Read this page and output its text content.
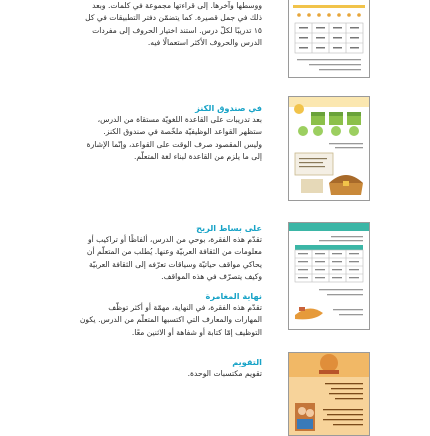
ووسطها وآخرها. إلى قراءتها مجموعة في كلمات. وبعد

ذلك في جمل قصيرة. كما يتضمّن دفتر التطبيقات في كل

١٥ تدريبًا لكلّ درس. استند اختيار الحروف إلى مفردات

الدرس والحروف الأكثر استعمالًا فيه.

في صندوق الكنز

بعد تدريبات على القاعدة اللغويّة مستقاة من الدرس،

ستظهر القواعد الوظيفيّة ملخّصة في صندوق الكنز.

وليس المقصود صرف الوقت على القواعد، وإنّما الإشارة

إلى ما يلزم من القاعدة لبناء لغة المتعلّم.

على بساط الريح

تقدّم هذه الفقرة، بوحي من الدرس، ألفاظًا أو تراكيب أو

معلومات من الثقافة العربيّة وعنها. يُطلب من المتعلّم أن

يحاكي مواقف حياتيّة وسياقات تعرّفه إلى الثقافة العربيّة

وكيف يتصرّف في هذه المواقف.

نهاية المغامرة

تقدّم هذه الفقرة، في النهاية، مهمّة أو أكثر توظّف

المهارات والمعارف التي اكتسبها المتعلّم من الدرس. يكون

التوظيف إمّا كتابة أو شفاهة أو الاثنين معًا.

التقويم

تقويم مكتسبات الوحدة.
